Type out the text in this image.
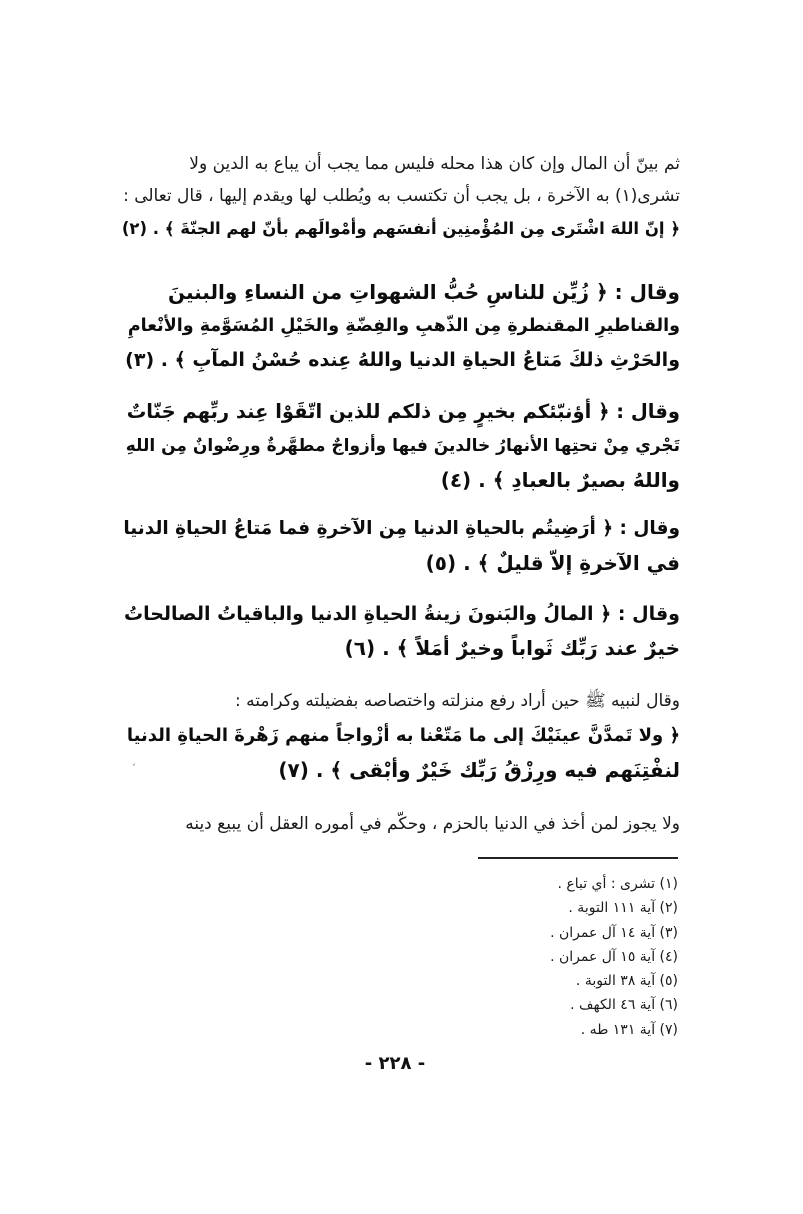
ثم بينّ أن المال وإن كان هذا محله فليس مما يجب أن يباع به الدين ولا
تشرى(١) به الآخرة ، بل يجب أن تكتسب به ويُطلب لها ويقدم إليها ، قال تعالى :
﴿ إنّ اللهَ اشْتَرى مِن المُؤْمنِين أنفسَهم وأمْوالَهم بأنّ لهم الجنّةَ ﴾ . (٢)
وقال : ﴿ زُيِّن للناسِ حُبُّ الشهواتِ من النساءِ والبنينَ
والقناطيرِ المقنطرةِ مِن الذّهبِ والفِضّةِ والخَيْلِ المُسَوَّمةِ والأنْعامِ
والحَرْثِ ذلكَ مَتاعُ الحياةِ الدنيا واللهُ عِنده حُسْنُ المآبِ ﴾ . (٣)
وقال : ﴿ أؤنبّئكم بخيرٍ مِن ذلكم للذين اتّقَوْا عِند ربِّهم جَنّاتٌ
تَجْري مِنْ تحتِها الأنهارُ خالدينَ فيها وأزواجٌ مطهَّرةٌ ورِضْوانٌ مِن اللهِ
واللهُ بصيرٌ بالعبادِ ﴾ . (٤)
وقال : ﴿ أرَضِيتُم بالحياةِ الدنيا مِن الآخرةِ فما مَتاعُ الحياةِ الدنيا
في الآخرةِ إلاّ قليلٌ ﴾ . (٥)
وقال : ﴿ المالُ والبَنونَ زينةُ الحياةِ الدنيا والباقياتُ الصالحاتُ
خيرٌ عند رَبِّك ثَواباً وخيرٌ أمَلاً ﴾ . (٦)
وقال لنبيه ﷺ حين أراد رفع منزلته واختصاصه بفضيلته وكرامته :
﴿ ولا تَمدَّنَّ عينَيْكَ إلى ما مَتّعْنا به أزْواجاً منهم زَهْرةَ الحياةِ الدنيا
لنفْتِنَهم فيه ورِزْقُ رَبِّك خَيْرٌ وأبْقى ﴾ . (٧)
ولا يجوز لمن أخذ في الدنيا بالحزم ، وحكّم في أموره العقل أن يبيع دينه
ˏ
(١) تشرى : أي تباع .
(٢) آية ١١١ التوبة .
(٣) آية ١٤ آل عمران .
(٤) آية ١٥ آل عمران .
(٥) آية ٣٨ التوبة .
(٦) آية ٤٦ الكهف .
(٧) آية ١٣١ طه .
- ٢٢٨ -
